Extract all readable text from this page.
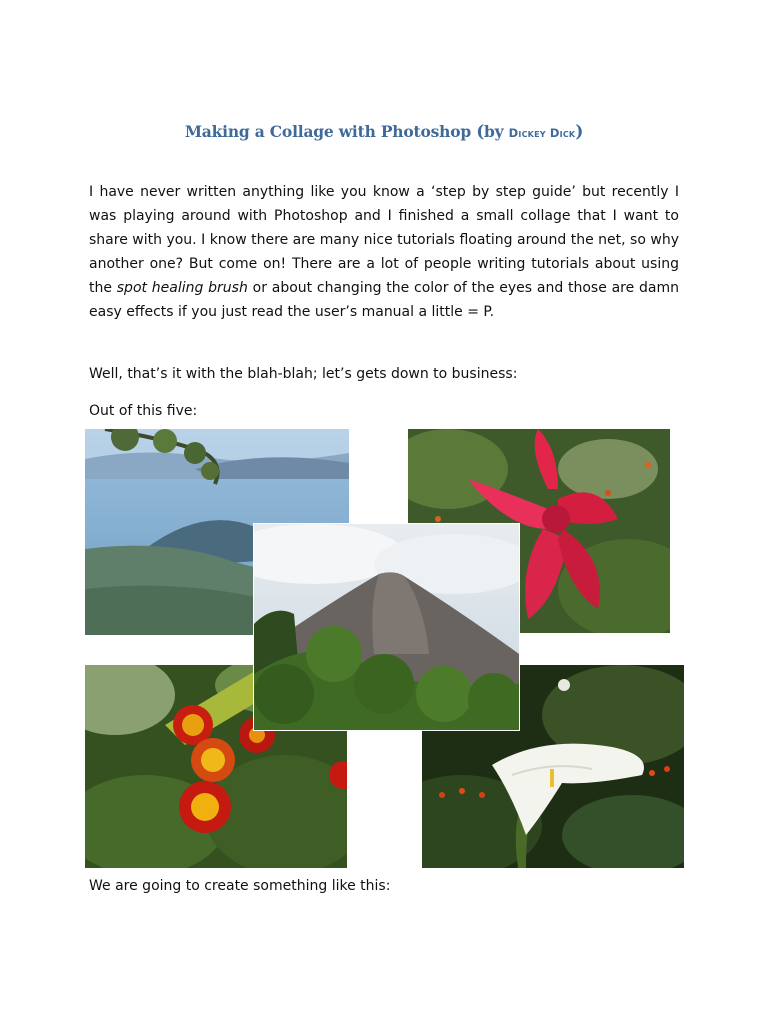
Making a Collage with Photoshop (by Dickey Dick)

I have never written anything like you know a ‘step by step guide’ but recently I was playing around with Photoshop and I finished a small collage that I want to share with you. I know there are many nice tutorials floating around the net, so why another one? But come on! There are a lot of people writing tutorials about using the spot healing brush or about changing the color of the eyes and those are damn easy effects if you just read the user’s manual a little = P.

Well, that’s it with the blah-blah; let’s gets down to business:

Out of this five:

We are going to create something like this:
